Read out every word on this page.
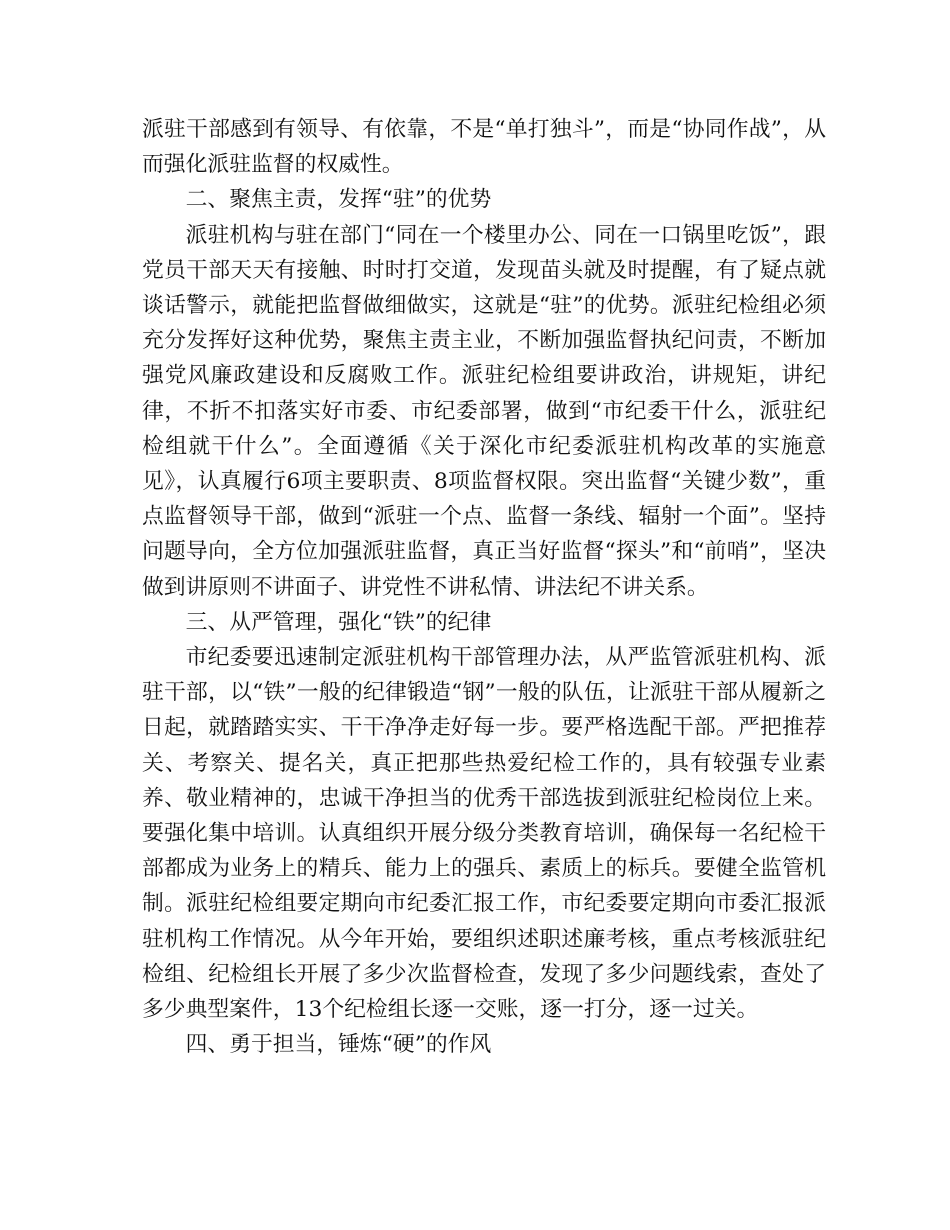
派驻干部感到有领导、有依靠，不是“单打独斗”，而是“协同作战”，从而强化派驻监督的权威性。

二、聚焦主责，发挥“驻”的优势

派驻机构与驻在部门“同在一个楼里办公、同在一口锅里吃饭”，跟党员干部天天有接触、时时打交道，发现苗头就及时提醒，有了疑点就谈话警示，就能把监督做细做实，这就是“驻”的优势。派驻纪检组必须充分发挥好这种优势，聚焦主责主业，不断加强监督执纪问责，不断加强党风廉政建设和反腐败工作。派驻纪检组要讲政治，讲规矩，讲纪律，不折不扣落实好市委、市纪委部署，做到“市纪委干什么，派驻纪检组就干什么”。全面遵循《关于深化市纪委派驻机构改革的实施意见》，认真履行6项主要职责、8项监督权限。突出监督“关键少数”，重点监督领导干部，做到“派驻一个点、监督一条线、辐射一个面”。坚持问题导向，全方位加强派驻监督，真正当好监督“探头”和“前哨”，坚决做到讲原则不讲面子、讲党性不讲私情、讲法纪不讲关系。

三、从严管理，强化“铁”的纪律

市纪委要迅速制定派驻机构干部管理办法，从严监管派驻机构、派驻干部，以“铁”一般的纪律锻造“钢”一般的队伍，让派驻干部从履新之日起，就踏踏实实、干干净净走好每一步。要严格选配干部。严把推荐关、考察关、提名关，真正把那些热爱纪检工作的，具有较强专业素养、敬业精神的，忠诚干净担当的优秀干部选拔到派驻纪检岗位上来。要强化集中培训。认真组织开展分级分类教育培训，确保每一名纪检干部都成为业务上的精兵、能力上的强兵、素质上的标兵。要健全监管机制。派驻纪检组要定期向市纪委汇报工作，市纪委要定期向市委汇报派驻机构工作情况。从今年开始，要组织述职述廉考核，重点考核派驻纪检组、纪检组长开展了多少次监督检查，发现了多少问题线索，查处了多少典型案件，13个纪检组长逐一交账，逐一打分，逐一过关。

四、勇于担当，锤炼“硬”的作风
